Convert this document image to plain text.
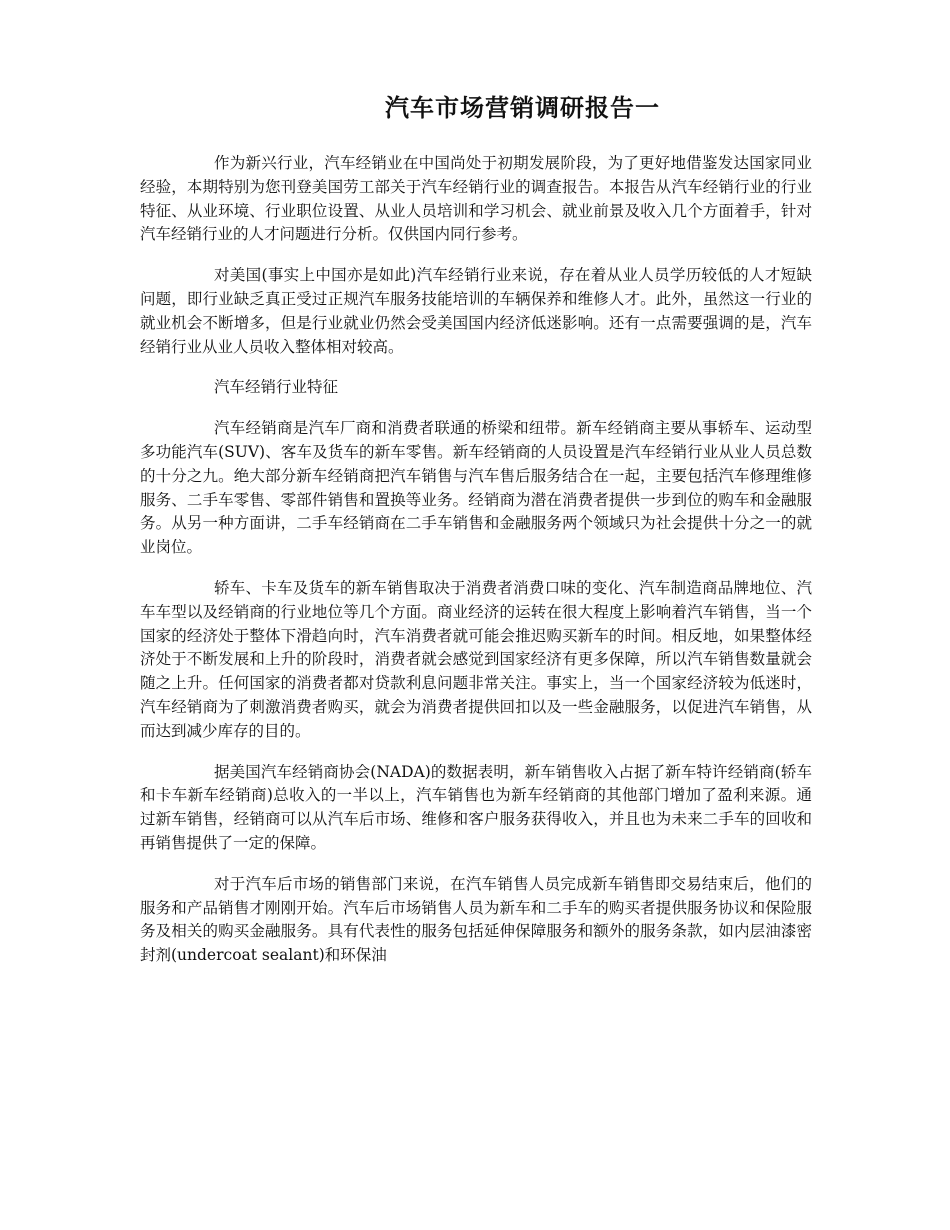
汽车市场营销调研报告一

作为新兴行业，汽车经销业在中国尚处于初期发展阶段，为了更好地借鉴发达国家同业经验，本期特别为您刊登美国劳工部关于汽车经销行业的调查报告。本报告从汽车经销行业的行业特征、从业环境、行业职位设置、从业人员培训和学习机会、就业前景及收入几个方面着手，针对汽车经销行业的人才问题进行分析。仅供国内同行参考。

对美国(事实上中国亦是如此)汽车经销行业来说，存在着从业人员学历较低的人才短缺问题，即行业缺乏真正受过正规汽车服务技能培训的车辆保养和维修人才。此外，虽然这一行业的就业机会不断增多，但是行业就业仍然会受美国国内经济低迷影响。还有一点需要强调的是，汽车经销行业从业人员收入整体相对较高。

汽车经销行业特征

汽车经销商是汽车厂商和消费者联通的桥梁和纽带。新车经销商主要从事轿车、运动型多功能汽车(SUV)、客车及货车的新车零售。新车经销商的人员设置是汽车经销行业从业人员总数的十分之九。绝大部分新车经销商把汽车销售与汽车售后服务结合在一起，主要包括汽车修理维修服务、二手车零售、零部件销售和置换等业务。经销商为潜在消费者提供一步到位的购车和金融服务。从另一种方面讲，二手车经销商在二手车销售和金融服务两个领域只为社会提供十分之一的就业岗位。

轿车、卡车及货车的新车销售取决于消费者消费口味的变化、汽车制造商品牌地位、汽车车型以及经销商的行业地位等几个方面。商业经济的运转在很大程度上影响着汽车销售，当一个国家的经济处于整体下滑趋向时，汽车消费者就可能会推迟购买新车的时间。相反地，如果整体经济处于不断发展和上升的阶段时，消费者就会感觉到国家经济有更多保障，所以汽车销售数量就会随之上升。任何国家的消费者都对贷款利息问题非常关注。事实上，当一个国家经济较为低迷时，汽车经销商为了刺激消费者购买，就会为消费者提供回扣以及一些金融服务，以促进汽车销售，从而达到减少库存的目的。

据美国汽车经销商协会(NADA)的数据表明，新车销售收入占据了新车特许经销商(轿车和卡车新车经销商)总收入的一半以上，汽车销售也为新车经销商的其他部门增加了盈利来源。通过新车销售，经销商可以从汽车后市场、维修和客户服务获得收入，并且也为未来二手车的回收和再销售提供了一定的保障。

对于汽车后市场的销售部门来说，在汽车销售人员完成新车销售即交易结束后，他们的服务和产品销售才刚刚开始。汽车后市场销售人员为新车和二手车的购买者提供服务协议和保险服务及相关的购买金融服务。具有代表性的服务包括延伸保障服务和额外的服务条款，如内层油漆密封剂(undercoat sealant)和环保油
